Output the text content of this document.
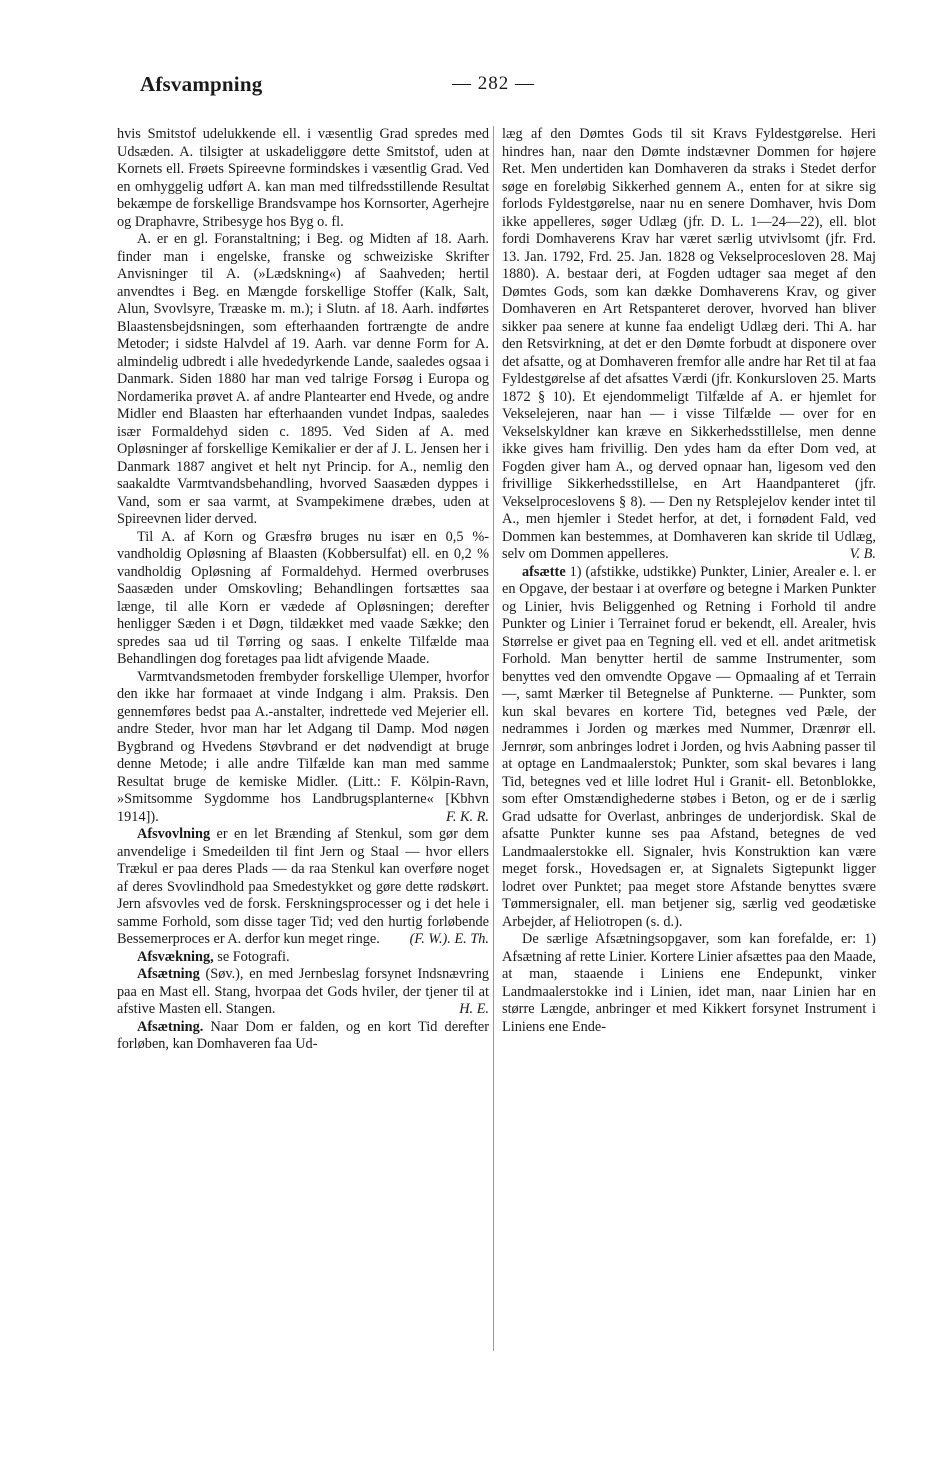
Afsvampning	— 282 —

hvis Smitstof udelukkende ell. i væsentlig Grad spredes med Udsæden. A. tilsigter at uskadeliggøre dette Smitstof, uden at Kornets ell. Frøets Spireevne formindskes i væsentlig Grad. Ved en omhyggelig udført A. kan man med tilfredsstillende Resultat bekæmpe de forskellige Brandsvampe hos Kornsorter, Agerhejre og Draphavre, Stribesyge hos Byg o. fl.

A. er en gl. Foranstaltning; i Beg. og Midten af 18. Aarh. finder man i engelske, franske og schweiziske Skrifter Anvisninger til A. (»Lædskning«) af Saahveden; hertil anvendtes i Beg. en Mængde forskellige Stoffer (Kalk, Salt, Alun, Svovlsyre, Træaske m. m.); i Slutn. af 18. Aarh. indførtes Blaastensbejdsningen, som efterhaanden fortrængte de andre Metoder; i sidste Halvdel af 19. Aarh. var denne Form for A. almindelig udbredt i alle hvededyrkende Lande, saaledes ogsaa i Danmark. Siden 1880 har man ved talrige Forsøg i Europa og Nordamerika prøvet A. af andre Plantearter end Hvede, og andre Midler end Blaasten har efterhaanden vundet Indpas, saaledes især Formaldehyd siden c. 1895. Ved Siden af A. med Opløsninger af forskellige Kemikalier er der af J. L. Jensen her i Danmark 1887 angivet et helt nyt Princip. for A., nemlig den saakaldte Varmtvandsbehandling, hvorved Saasæden dyppes i Vand, som er saa varmt, at Svampekimene dræbes, uden at Spireevnen lider derved.

Til A. af Korn og Græsfrø bruges nu især en 0,5 %-vandholdig Opløsning af Blaasten (Kobbersulfat) ell. en 0,2 % vandholdig Opløsning af Formaldehyd. Hermed overbruses Saasæden under Omskovling; Behandlingen fortsættes saa længe, til alle Korn er vædede af Opløsningen; derefter henligger Sæden i et Døgn, tildækket med vaade Sække; den spredes saa ud til Tørring og saas. I enkelte Tilfælde maa Behandlingen dog foretages paa lidt afvigende Maade.

Varmtvandsmetoden frembyder forskellige Ulemper, hvorfor den ikke har formaaet at vinde Indgang i alm. Praksis. Den gennemføres bedst paa A.-anstalter, indrettede ved Mejerier ell. andre Steder, hvor man har let Adgang til Damp. Mod nøgen Bygbrand og Hvedens Støvbrand er det nødvendigt at bruge denne Metode; i alle andre Tilfælde kan man med samme Resultat bruge de kemiske Midler. (Litt.: F. Kölpin-Ravn, »Smitsomme Sygdomme hos Landbrugsplanterne« [Kbhvn 1914]).	F. K. R.

Afsvovlning er en let Brænding af Stenkul, som gør dem anvendelige i Smedeilden til fint Jern og Staal — hvor ellers Trækul er paa deres Plads — da raa Stenkul kan overføre noget af deres Svovlindhold paa Smedestykket og gøre dette rødskørt. Jern afsvovles ved de forsk. Ferskningsprocesser og i det hele i samme Forhold, som disse tager Tid; ved den hurtig forløbende Bessemerproces er A. derfor kun meget ringe.	(F. W.). E. Th.

Afsvækning, se Fotografi.

Afsætning (Søv.), en med Jernbeslag forsynet Indsnævring paa en Mast ell. Stang, hvorpaa det Gods hviler, der tjener til at afstive Masten ell. Stangen.	H. E.

Afsætning. Naar Dom er falden, og en kort Tid derefter forløben, kan Domhaveren faa Ud-

læg af den Dømtes Gods til sit Kravs Fyldestgørelse. Heri hindres han, naar den Dømte indstævner Dommen for højere Ret. Men undertiden kan Domhaveren da straks i Stedet derfor søge en foreløbig Sikkerhed gennem A., enten for at sikre sig forlods Fyldestgørelse, naar nu en senere Domhaver, hvis Dom ikke appelleres, søger Udlæg (jfr. D. L. 1—24—22), ell. blot fordi Domhaverens Krav har været særlig utvivlsomt (jfr. Frd. 13. Jan. 1792, Frd. 25. Jan. 1828 og Vekselprocesloven 28. Maj 1880). A. bestaar deri, at Fogden udtager saa meget af den Dømtes Gods, som kan dække Domhaverens Krav, og giver Domhaveren en Art Retspanteret derover, hvorved han bliver sikker paa senere at kunne faa endeligt Udlæg deri. Thi A. har den Retsvirkning, at det er den Dømte forbudt at disponere over det afsatte, og at Domhaveren fremfor alle andre har Ret til at faa Fyldestgørelse af det afsattes Værdi (jfr. Konkursloven 25. Marts 1872 § 10). Et ejendommeligt Tilfælde af A. er hjemlet for Vekselejeren, naar han — i visse Tilfælde — over for en Vekselskyldner kan kræve en Sikkerhedsstillelse, men denne ikke gives ham frivillig. Den ydes ham da efter Dom ved, at Fogden giver ham A., og derved opnaar han, ligesom ved den frivillige Sikkerhedsstillelse, en Art Haandpanteret (jfr. Vekselproceslovens § 8). — Den ny Retsplejelov kender intet til A., men hjemler i Stedet herfor, at det, i fornødent Fald, ved Dommen kan bestemmes, at Domhaveren kan skride til Udlæg, selv om Dommen appelleres.	V. B.

afsætte 1) (afstikke, udstikke) Punkter, Linier, Arealer e. l. er en Opgave, der bestaar i at overføre og betegne i Marken Punkter og Linier, hvis Beliggenhed og Retning i Forhold til andre Punkter og Linier i Terrainet forud er bekendt, ell. Arealer, hvis Størrelse er givet paa en Tegning ell. ved et ell. andet aritmetisk Forhold. Man benytter hertil de samme Instrumenter, som benyttes ved den omvendte Opgave — Opmaaling af et Terrain —, samt Mærker til Betegnelse af Punkterne. — Punkter, som kun skal bevares en kortere Tid, betegnes ved Pæle, der nedrammes i Jorden og mærkes med Nummer, Drænrør ell. Jernrør, som anbringes lodret i Jorden, og hvis Aabning passer til at optage en Landmaalerstok; Punkter, som skal bevares i lang Tid, betegnes ved et lille lodret Hul i Granit- ell. Betonblokke, som efter Omstændighederne støbes i Beton, og er de i særlig Grad udsatte for Overlast, anbringes de underjordisk. Skal de afsatte Punkter kunne ses paa Afstand, betegnes de ved Landmaalerstokke ell. Signaler, hvis Konstruktion kan være meget forsk., Hovedsagen er, at Signalets Sigtepunkt ligger lodret over Punktet; paa meget store Afstande benyttes svære Tømmersignaler, ell. man betjener sig, særlig ved geodætiske Arbejder, af Heliotropen (s. d.).

De særlige Afsætningsopgaver, som kan forefalde, er: 1) Afsætning af rette Linier. Kortere Linier afsættes paa den Maade, at man, staaende i Liniens ene Endepunkt, vinker Landmaalerstokke ind i Linien, idet man, naar Linien har en større Længde, anbringer et med Kikkert forsynet Instrument i Liniens ene Ende-
